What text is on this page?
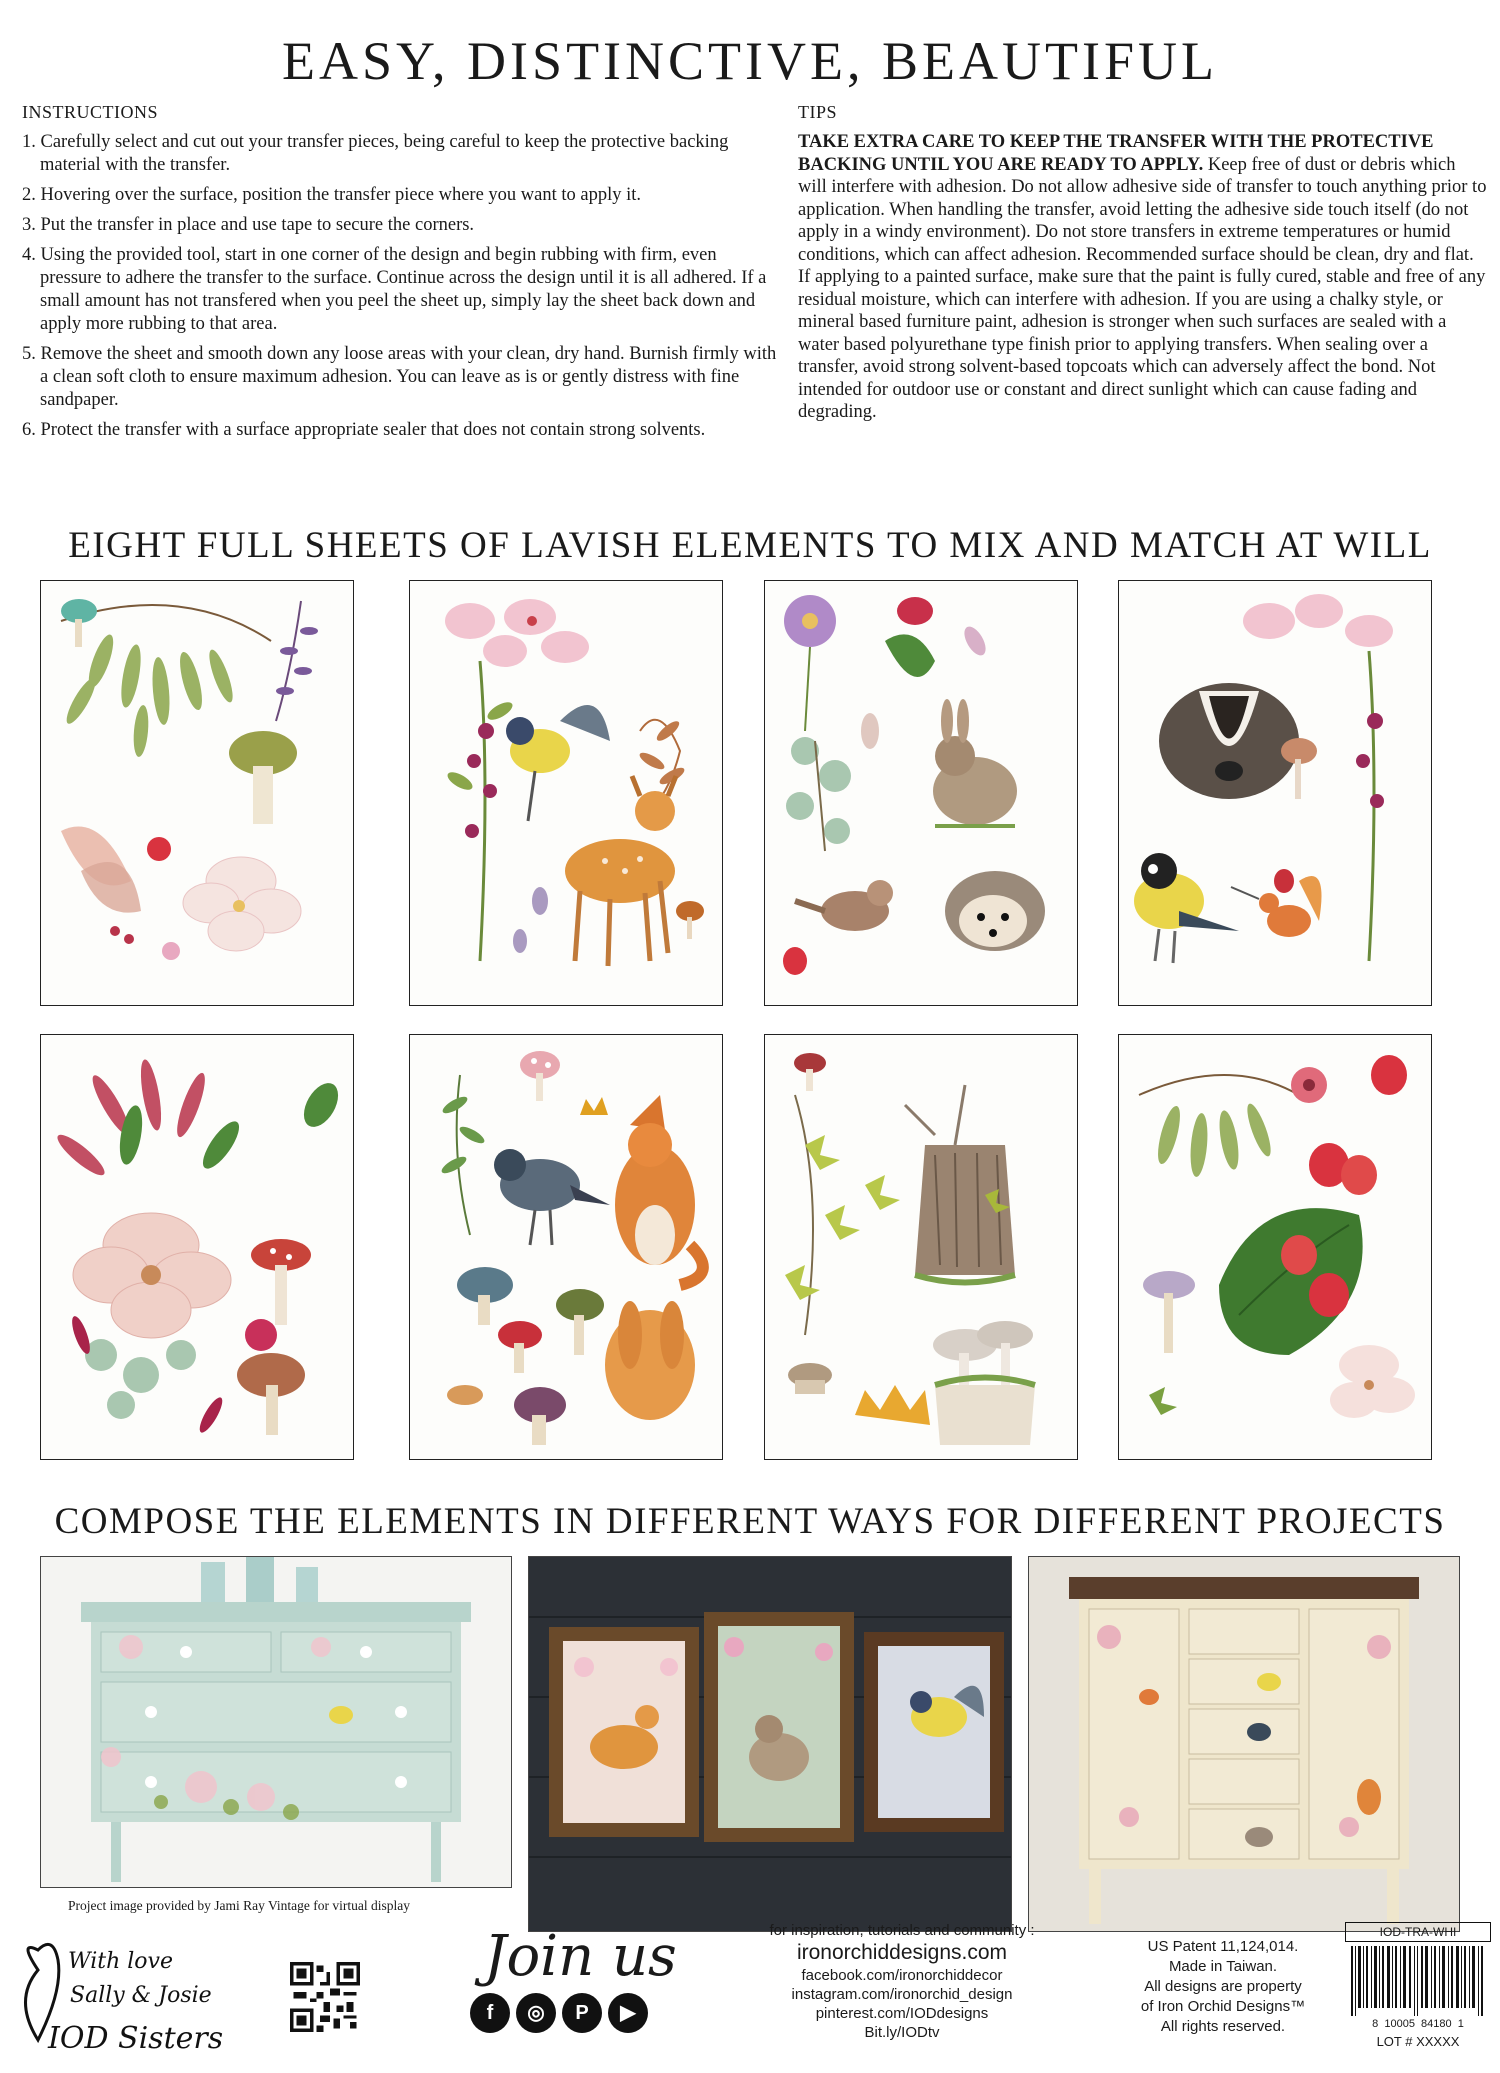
EASY, DISTINCTIVE, BEAUTIFUL
INSTRUCTIONS
1. Carefully select and cut out your transfer pieces, being careful to keep the protective backing material with the transfer.
2. Hovering over the surface, position the transfer piece where you want to apply it.
3. Put the transfer in place and use tape to secure the corners.
4. Using the provided tool, start in one corner of the design and begin rubbing with firm, even pressure to adhere the transfer to the surface. Continue across the design until it is all adhered. If a small amount has not transfered when you peel the sheet up, simply lay the sheet back down and apply more rubbing to that area.
5. Remove the sheet and smooth down any loose areas with your clean, dry hand. Burnish firmly with a clean soft cloth to ensure maximum adhesion. You can leave as is or gently distress with fine sandpaper.
6. Protect the transfer with a surface appropriate sealer that does not contain strong solvents.
TIPS

TAKE EXTRA CARE TO KEEP THE TRANSFER WITH THE PROTECTIVE BACKING UNTIL YOU ARE READY TO APPLY. Keep free of dust or debris which will interfere with adhesion. Do not allow adhesive side of transfer to touch anything prior to application. When handling the transfer, avoid letting the adhesive side touch itself (do not apply in a windy environment). Do not store transfers in extreme temperatures or humid conditions, which can affect adhesion. Recommended surface should be clean, dry and flat. If applying to a painted surface, make sure that the paint is fully cured, stable and free of any residual moisture, which can interfere with adhesion. If you are using a chalky style, or mineral based furniture paint, adhesion is stronger when such surfaces are sealed with a water based polyurethane type finish prior to applying transfers. When sealing over a transfer, avoid strong solvent-based topcoats which can adversely affect the bond. Not intended for outdoor use or constant and direct sunlight which can cause fading and degrading.

EIGHT FULL SHEETS OF LAVISH ELEMENTS TO MIX AND MATCH AT WILL
COMPOSE THE ELEMENTS IN DIFFERENT WAYS FOR DIFFERENT PROJECTS
Project image provided by Jami Ray Vintage for virtual display
With love
Sally & Josie
IOD Sisters
Join us
f ◎ P ▶
for inspiration, tutorials and community :
ironorchiddesigns.com
facebook.com/ironorchiddecor
instagram.com/ironorchid_design
pinterest.com/IODdesigns
Bit.ly/IODtv
US Patent 11,124,014.
Made in Taiwan.
All designs are property
of Iron Orchid Designs™
All rights reserved.
IOD-TRA-WHI
8  10005  84180  1
LOT # XXXXX
